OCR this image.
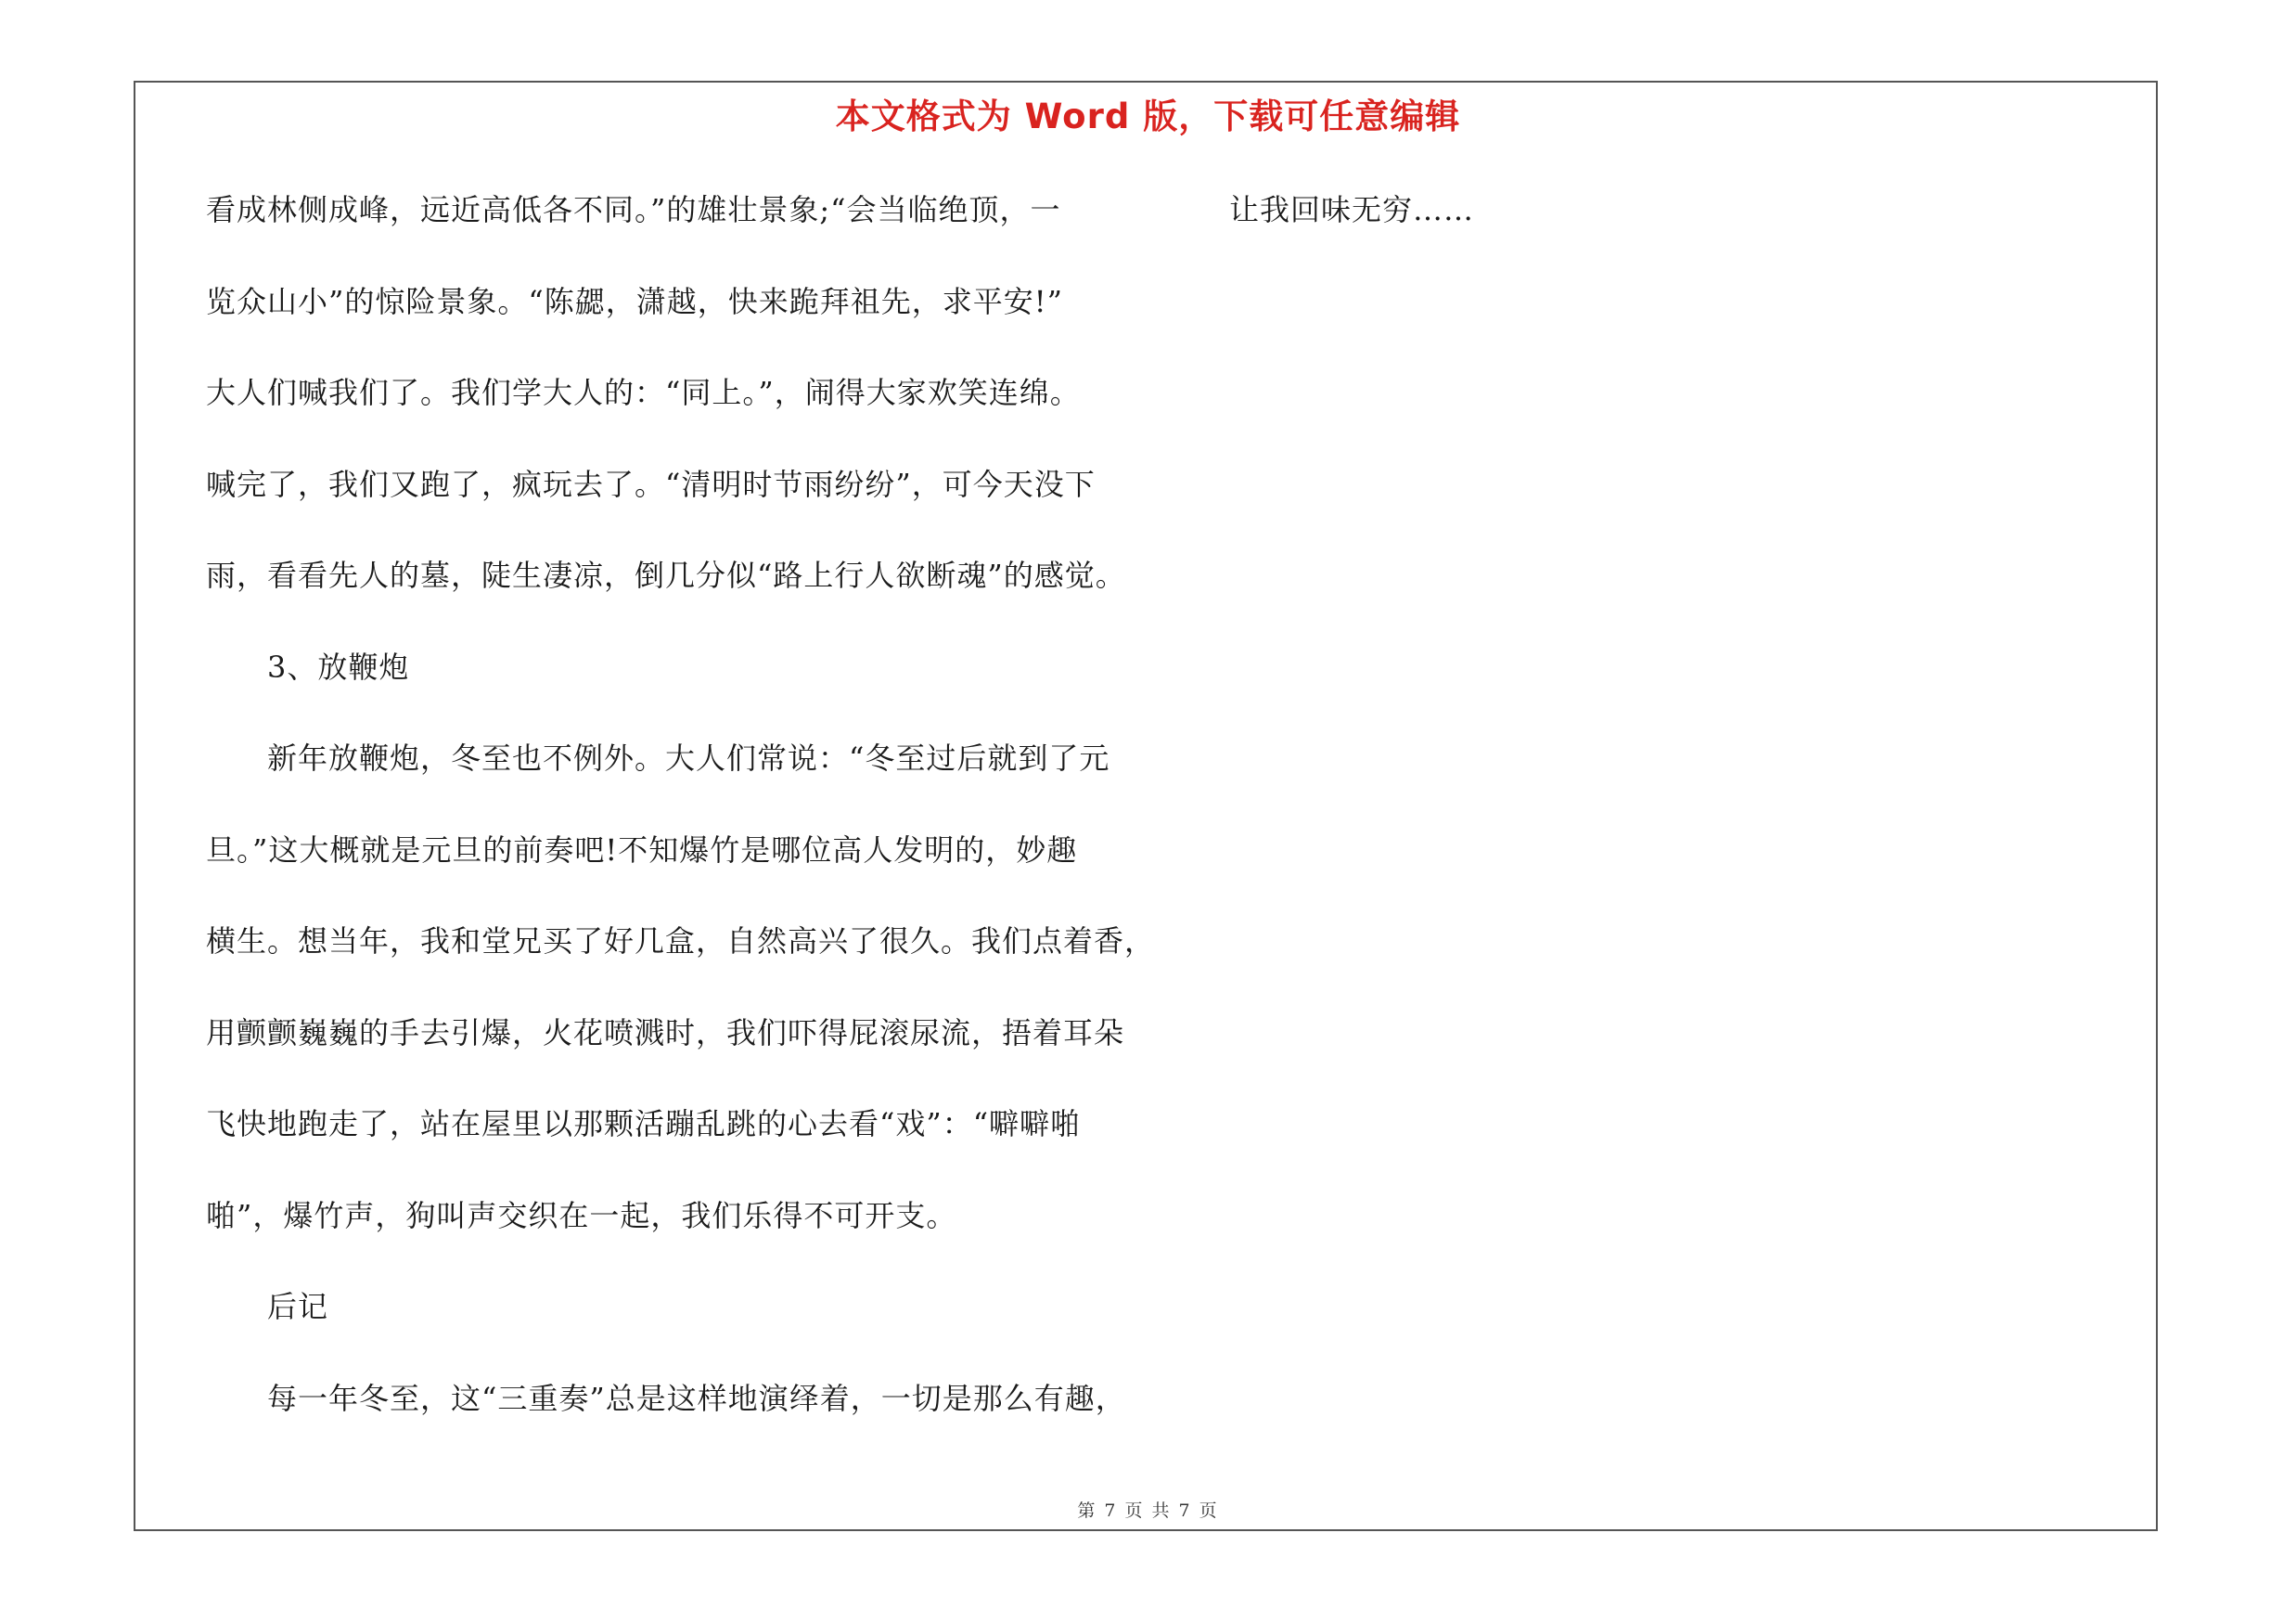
本文格式为 Word 版，下载可任意编辑
看成林侧成峰，远近高低各不同。”的雄壮景象;“会当临绝顶，一
览众山小”的惊险景象。“陈勰，潇越，快来跪拜祖先，求平安!”
大人们喊我们了。我们学大人的：“同上。”，闹得大家欢笑连绵。
喊完了，我们又跑了，疯玩去了。“清明时节雨纷纷”，可今天没下
雨，看看先人的墓，陡生凄凉，倒几分似“路上行人欲断魂”的感觉。
3、放鞭炮
新年放鞭炮，冬至也不例外。大人们常说：“冬至过后就到了元
旦。”这大概就是元旦的前奏吧!不知爆竹是哪位高人发明的，妙趣
横生。想当年，我和堂兄买了好几盒，自然高兴了很久。我们点着香，
用颤颤巍巍的手去引爆，火花喷溅时，我们吓得屁滚尿流，捂着耳朵
飞快地跑走了，站在屋里以那颗活蹦乱跳的心去看“戏”：“噼噼啪
啪”，爆竹声，狗叫声交织在一起，我们乐得不可开支。
后记
每一年冬至，这“三重奏”总是这样地演绎着，一切是那么有趣，
让我回味无穷……
第 7 页 共 7 页
